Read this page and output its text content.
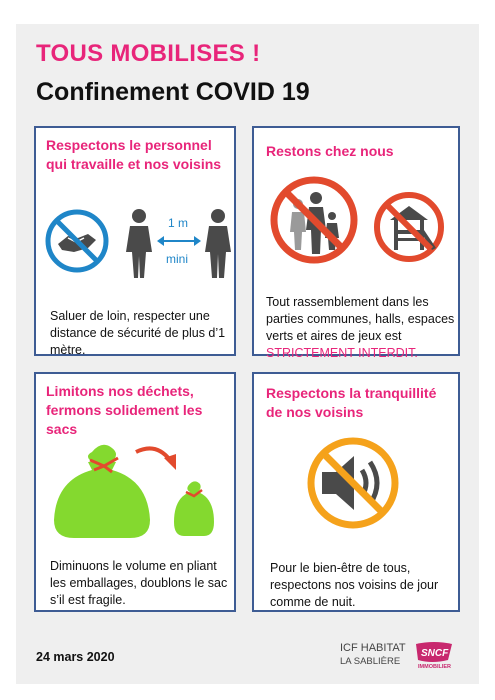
TOUS MOBILISES !
Confinement COVID 19
Respectons le personnel qui travaille et nos voisins
1 m
mini
Saluer de loin, respecter une distance de sécurité de plus d’1 mètre.
Restons chez nous
Tout rassemblement dans les parties communes, halls, espaces verts et aires de jeux est STRICTEMENT INTERDIT.
Limitons nos déchets, fermons solidement les sacs
Diminuons le volume en pliant les emballages, doublons le sac s’il est fragile.
Respectons la tranquillité de nos voisins
Pour le bien-être de tous, respectons nos voisins de jour comme de nuit.
24 mars 2020
ICF HABITAT
LA SABLIÈRE
SNCF
IMMOBILIER
